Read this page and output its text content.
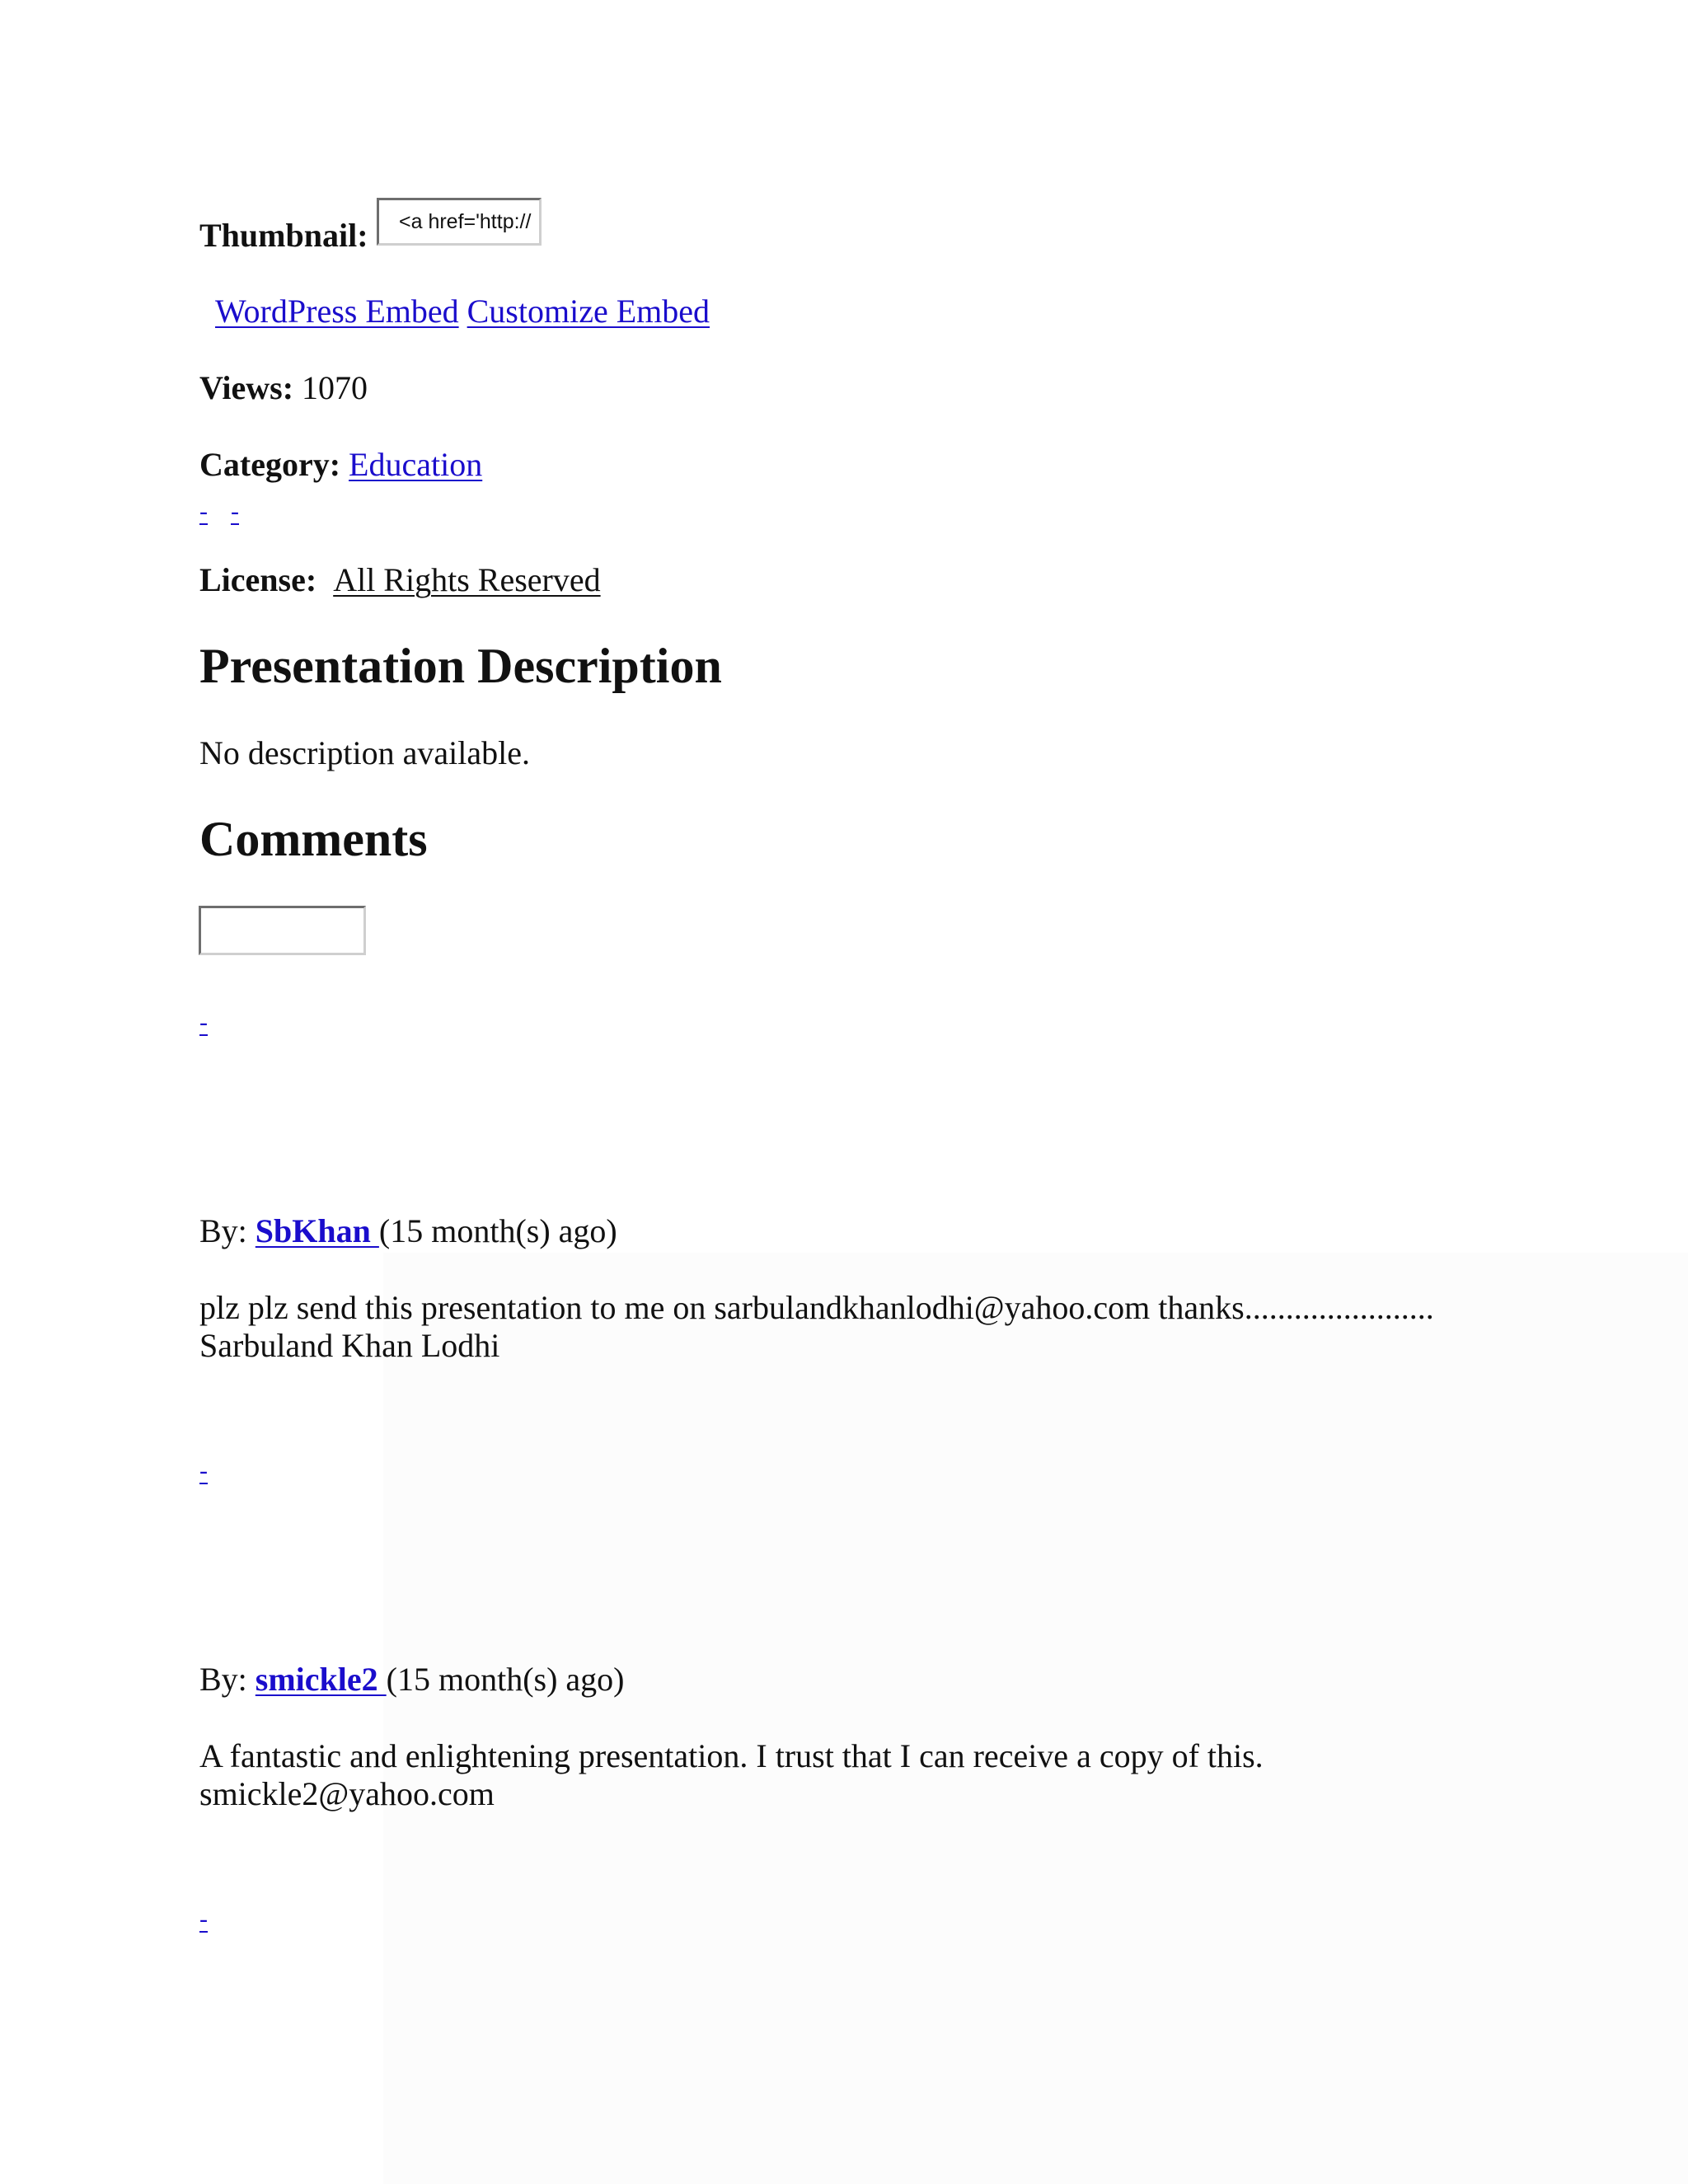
Thumbnail:	<a href='http://
WordPress Embed Customize Embed
Views: 1070
Category: Education
- -
License: All Rights Reserved
Presentation Description
No description available.
Comments
-
By: SbKhan (15 month(s) ago)
plz plz send this presentation to me on sarbulandkhanlodhi@yahoo.com thanks.......................
Sarbuland Khan Lodhi
-
By: smickle2 (15 month(s) ago)
A fantastic and enlightening presentation. I trust that I can receive a copy of this.
smickle2@yahoo.com
-
